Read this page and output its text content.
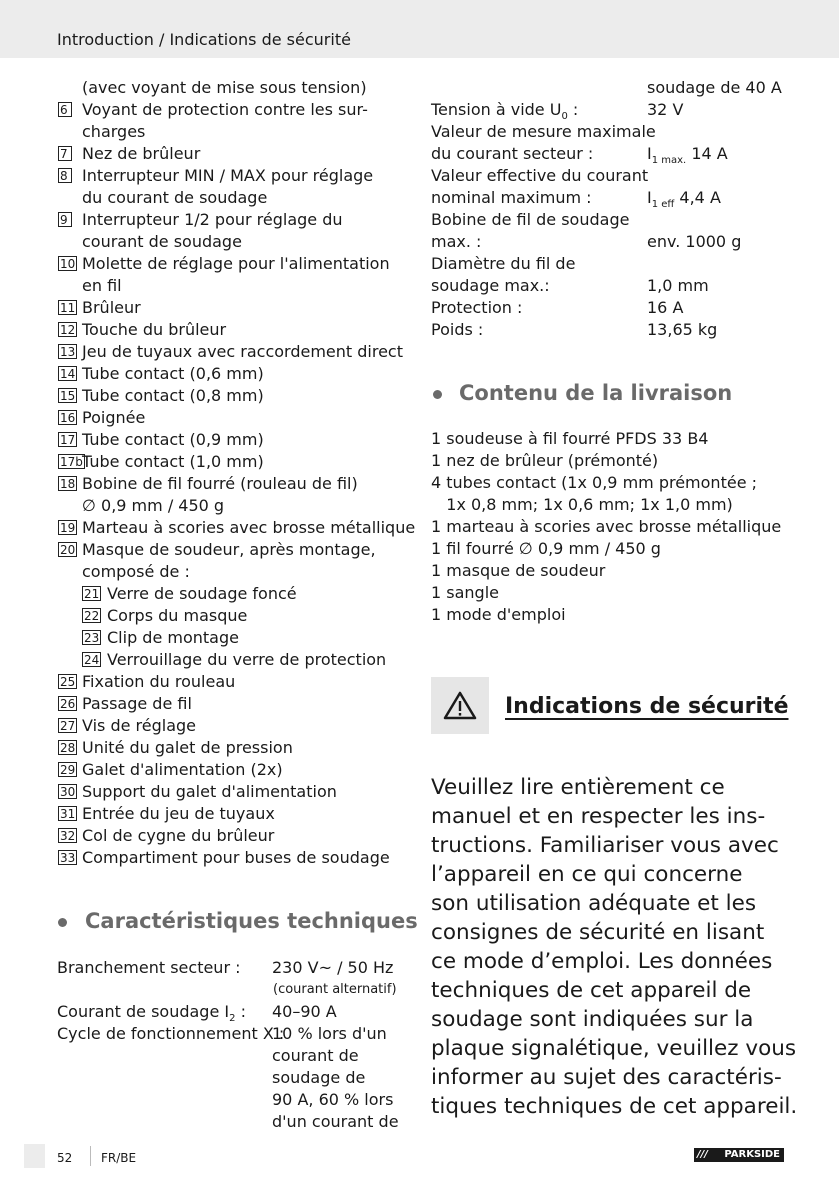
Introduction / Indications de sécurité
(avec voyant de mise sous tension)
6 Voyant de protection contre les sur-
charges
7 Nez de brûleur
8 Interrupteur MIN / MAX pour réglage
du courant de soudage
9 Interrupteur 1/2 pour réglage du
courant de soudage
10 Molette de réglage pour l'alimentation
en fil
11 Brûleur
12 Touche du brûleur
13 Jeu de tuyaux avec raccordement direct
14 Tube contact (0,6 mm)
15 Tube contact (0,8 mm)
16 Poignée
17 Tube contact (0,9 mm)
17b Tube contact (1,0 mm)
18 Bobine de fil fourré (rouleau de fil)
∅ 0,9 mm / 450 g
19 Marteau à scories avec brosse métallique
20 Masque de soudeur, après montage,
composé de :
21 Verre de soudage foncé
22 Corps du masque
23 Clip de montage
24 Verrouillage du verre de protection
25 Fixation du rouleau
26 Passage de fil
27 Vis de réglage
28 Unité du galet de pression
29 Galet d'alimentation (2x)
30 Support du galet d'alimentation
31 Entrée du jeu de tuyaux
32 Col de cygne du brûleur
33 Compartiment pour buses de soudage
Caractéristiques techniques
Branchement secteur : 230 V~ / 50 Hz
(courant alternatif)
Courant de soudage $I_2$ : 40–90 A
Cycle de fonctionnement X :
10 % lors d'un
courant de
soudage de
90 A, 60 % lors
d'un courant de
soudage de 40 A
Tension à vide $U_0$ :	32 V
Valeur de mesure maximale
du courant secteur :	$I_{1 max.}$ 14 A
Valeur effective du courant
nominal maximum :	$I_{1 eff}$ 4,4 A
Bobine de fil de soudage
max. :	env. 1000 g
Diamètre du fil de
soudage max.:	1,0 mm
Protection :	16 A
Poids :	13,65 kg
Contenu de la livraison
1 soudeuse à fil fourré PFDS 33 B4
1 nez de brûleur (prémonté)
4 tubes contact (1x 0,9 mm prémontée ;
1x 0,8 mm; 1x 0,6 mm; 1x 1,0 mm)
1 marteau à scories avec brosse métallique
1 fil fourré ∅ 0,9 mm / 450 g
1 masque de soudeur
1 sangle
1 mode d'emploi
Indications de sécurité
Veuillez lire entièrement ce
manuel et en respecter les ins-
tructions. Familiariser vous avec
l’appareil en ce qui concerne
son utilisation adéquate et les
consignes de sécurité en lisant
ce mode d’emploi. Les données
techniques de cet appareil de
soudage sont indiquées sur la
plaque signalétique, veuillez vous
informer au sujet des caractéris-
tiques techniques de cet appareil.
52 FR/BE	/// PARKSIDE
